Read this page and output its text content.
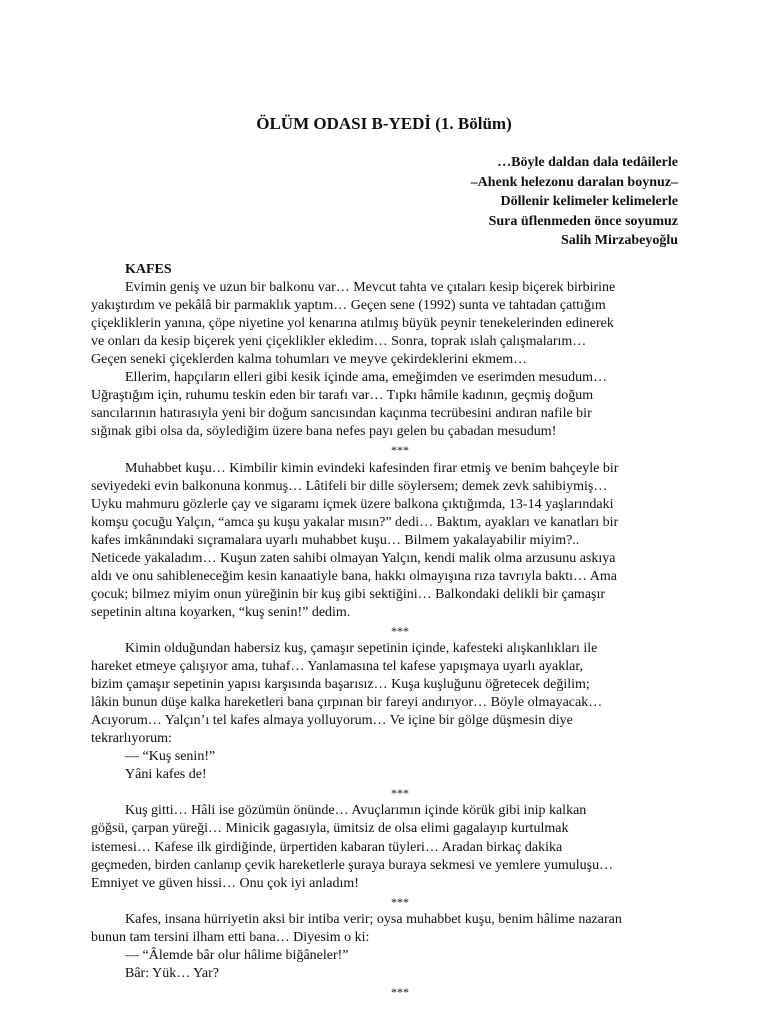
ÖLÜM ODASI B-YEDİ (1. Bölüm)
…Böyle daldan dala tedâilerle
–Ahenk helezonu daralan boynuz–
Döllenir kelimeler kelimelerle
Sura üflenmeden önce soyumuz
Salih Mirzabeyoğlu
KAFES
Evimin geniş ve uzun bir balkonu var… Mevcut tahta ve çıtaları kesip biçerek birbirine
yakıştırdım ve pekâlâ bir parmaklık yaptım… Geçen sene (1992) sunta ve tahtadan çattığım
çiçekliklerin yanına, çöpe niyetine yol kenarına atılmış büyük peynir tenekelerinden edinerek
ve onları da kesip biçerek yeni çiçeklikler ekledim… Sonra, toprak ıslah çalışmalarım…
Geçen seneki çiçeklerden kalma tohumları ve meyve çekirdeklerini ekmem…
Ellerim, hapçıların elleri gibi kesik içinde ama, emeğimden ve eserimden mesudum…
Uğraştığım için, ruhumu teskin eden bir tarafı var… Tıpkı hâmile kadının, geçmiş doğum
sancılarının hatırasıyla yeni bir doğum sancısından kaçınma tecrübesini andıran nafile bir
sığınak gibi olsa da, söylediğim üzere bana nefes payı gelen bu çabadan mesudum!
***
Muhabbet kuşu… Kimbilir kimin evindeki kafesinden firar etmiş ve benim bahçeyle bir
seviyedeki evin balkonuna konmuş… Lâtifeli bir dille söylersem; demek zevk sahibiymiş…
Uyku mahmuru gözlerle çay ve sigaramı içmek üzere balkona çıktığımda, 13-14 yaşlarındaki
komşu çocuğu Yalçın, “amca şu kuşu yakalar mısın?” dedi… Baktım, ayakları ve kanatları bir
kafes imkânındaki sıçramalara uyarlı muhabbet kuşu… Bilmem yakalayabilir miyim?..
Neticede yakaladım… Kuşun zaten sahibi olmayan Yalçın, kendi malik olma arzusunu askıya
aldı ve onu sahibleneceğim kesin kanaatiyle bana, hakkı olmayışına rıza tavrıyla baktı… Ama
çocuk; bilmez miyim onun yüreğinin bir kuş gibi sektiğini… Balkondaki delikli bir çamaşır
sepetinin altına koyarken, “kuş senin!” dedim.
***
Kimin olduğundan habersiz kuş, çamaşır sepetinin içinde, kafesteki alışkanlıkları ile
hareket etmeye çalışıyor ama, tuhaf… Yanlamasına tel kafese yapışmaya uyarlı ayaklar,
bizim çamaşır sepetinin yapısı karşısında başarısız… Kuşa kuşluğunu öğretecek değilim;
lâkin bunun düşe kalka hareketleri bana çırpınan bir fareyi andırıyor… Böyle olmayacak…
Acıyorum… Yalçın’ı tel kafes almaya yolluyorum… Ve içine bir gölge düşmesin diye
tekrarlıyorum:
— “Kuş senin!”
Yâni kafes de!
***
Kuş gitti… Hâli ise gözümün önünde… Avuçlarımın içinde körük gibi inip kalkan
göğsü, çarpan yüreği… Minicik gagasıyla, ümitsiz de olsa elimi gagalayıp kurtulmak
istemesi… Kafese ilk girdiğinde, ürpertiden kabaran tüyleri… Aradan birkaç dakika
geçmeden, birden canlanıp çevik hareketlerle şuraya buraya sekmesi ve yemlere yumuluşu…
Emniyet ve güven hissi… Onu çok iyi anladım!
***
Kafes, insana hürriyetin aksi bir intiba verir; oysa muhabbet kuşu, benim hâlime nazaran
bunun tam tersini ilham etti bana… Diyesim o ki:
— “Âlemde bâr olur hâlime biğâneler!”
Bâr: Yük… Yar?
***
